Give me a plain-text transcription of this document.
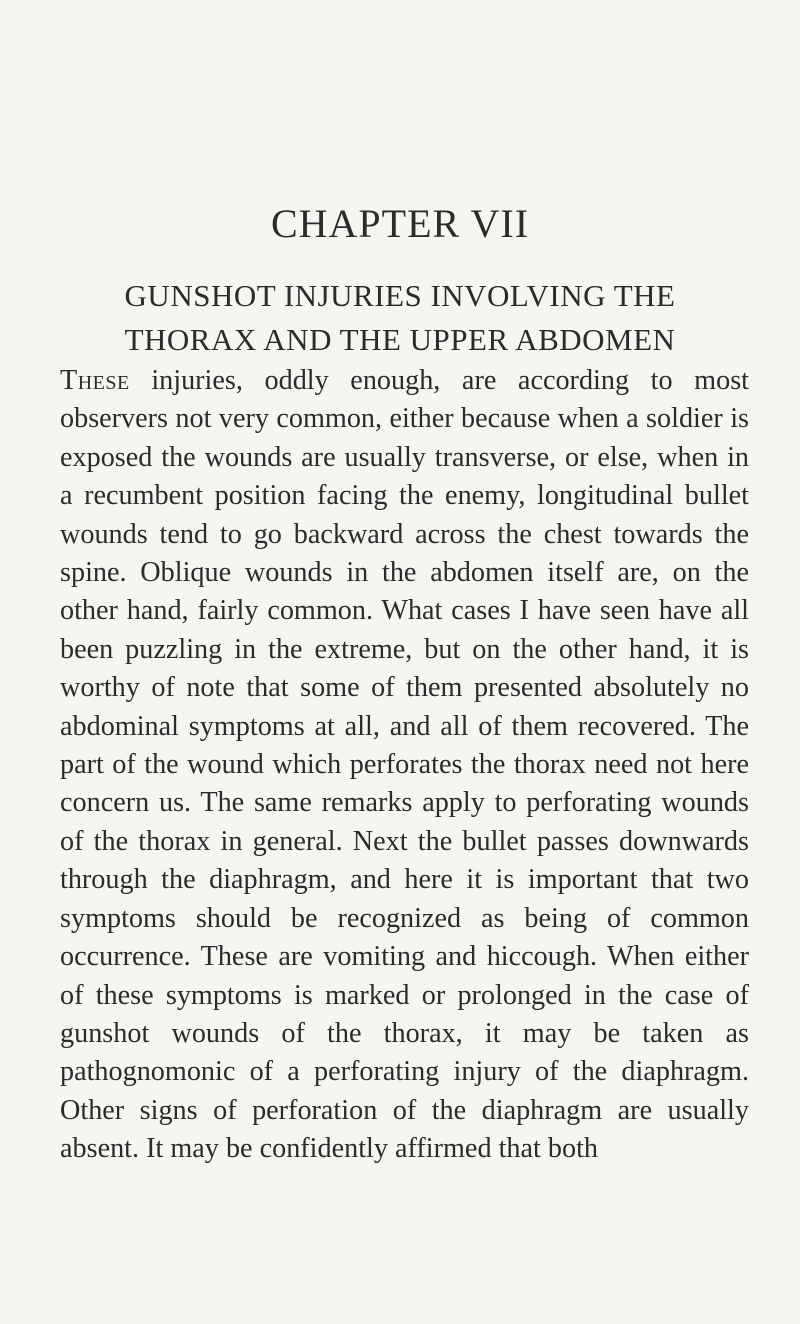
CHAPTER VII
GUNSHOT INJURIES INVOLVING THE
THORAX AND THE UPPER ABDOMEN

These injuries, oddly enough, are according to most observers not very common, either because when a soldier is exposed the wounds are usually transverse, or else, when in a recumbent position facing the enemy, longitudinal bullet wounds tend to go backward across the chest towards the spine. Oblique wounds in the abdomen itself are, on the other hand, fairly common. What cases I have seen have all been puzzling in the extreme, but on the other hand, it is worthy of note that some of them presented absolutely no abdominal symptoms at all, and all of them recovered. The part of the wound which perforates the thorax need not here concern us. The same remarks apply to perforating wounds of the thorax in general. Next the bullet passes downwards through the diaphragm, and here it is important that two symptoms should be recognized as being of common occurrence. These are vomiting and hiccough. When either of these symptoms is marked or prolonged in the case of gunshot wounds of the thorax, it may be taken as pathognomonic of a perforating injury of the diaphragm. Other signs of perforation of the diaphragm are usually absent. It may be confidently affirmed that both
